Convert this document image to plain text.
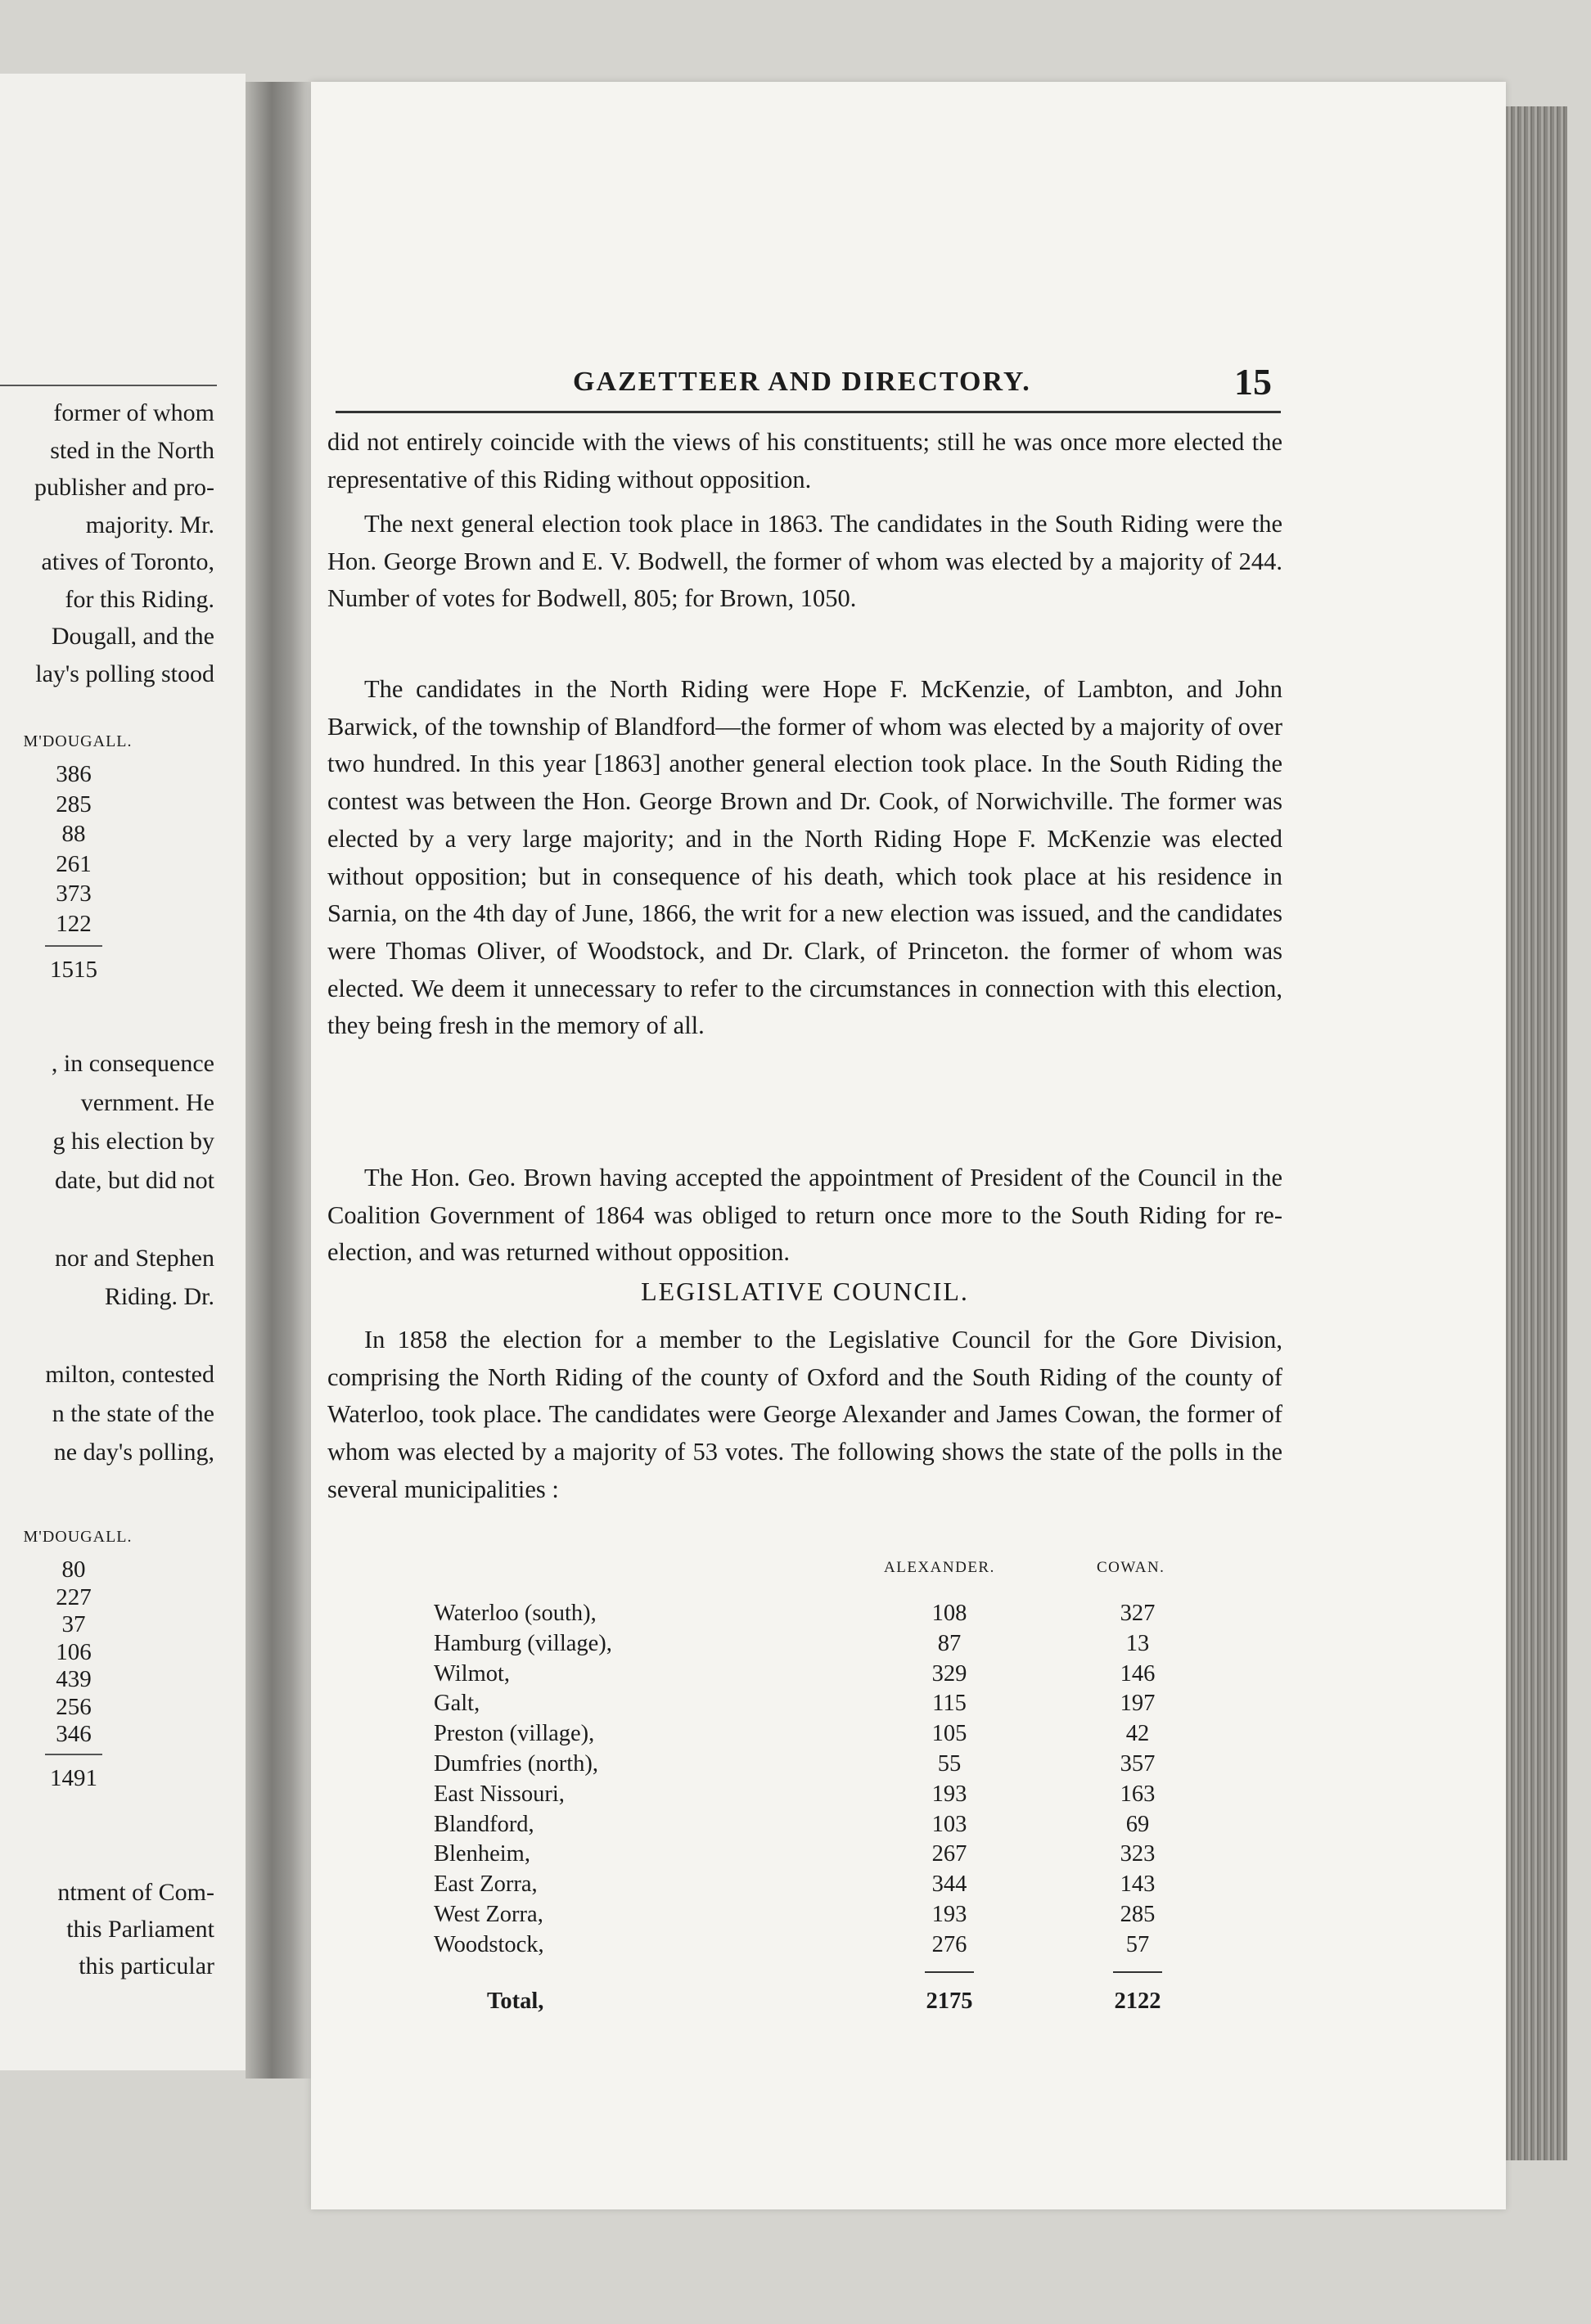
former of whom
sted in the North
publisher and pro-
majority. Mr.
atives of Toronto,
for this Riding.
Dougall, and the
lay's polling stood
M'DOUGALL.
386
285
88
261
373
122
1515
, in consequence
vernment. He
g his election by
date, but did not
nor and Stephen
Riding. Dr.
milton, contested
n the state of the
ne day's polling,
M'DOUGALL.
80
227
37
106
439
256
346
1491
ntment of Com-
this Parliament
this particular
GAZETTEER AND DIRECTORY.	15

did not entirely coincide with the views of his constituents; still he was once more elected the representative of this Riding without opposition.

The next general election took place in 1863. The candidates in the South Riding were the Hon. George Brown and E. V. Bodwell, the former of whom was elected by a majority of 244. Number of votes for Bodwell, 805; for Brown, 1050.

The candidates in the North Riding were Hope F. McKenzie, of Lambton, and John Barwick, of the township of Blandford—the former of whom was elected by a majority of over two hundred. In this year [1863] another general election took place. In the South Riding the contest was between the Hon. George Brown and Dr. Cook, of Norwichville. The former was elected by a very large majority; and in the North Riding Hope F. McKenzie was elected without opposition; but in consequence of his death, which took place at his residence in Sarnia, on the 4th day of June, 1866, the writ for a new election was issued, and the candidates were Thomas Oliver, of Woodstock, and Dr. Clark, of Princeton. the former of whom was elected. We deem it unnecessary to refer to the circumstances in connection with this election, they being fresh in the memory of all.

The Hon. Geo. Brown having accepted the appointment of President of the Council in the Coalition Government of 1864 was obliged to return once more to the South Riding for re-election, and was returned without opposition.

LEGISLATIVE COUNCIL.

In 1858 the election for a member to the Legislative Council for the Gore Division, comprising the North Riding of the county of Oxford and the South Riding of the county of Waterloo, took place. The candidates were George Alexander and James Cowan, the former of whom was elected by a majority of 53 votes. The following shows the state of the polls in the several municipalities :

ALEXANDER.	COWAN.
Waterloo (south),	108	327
Hamburg (village),	87	13
Wilmot,	329	146
Galt,	115	197
Preston (village),	105	42
Dumfries (north),	55	357
East Nissouri,	193	163
Blandford,	103	69
Blenheim,	267	323
East Zorra,	344	143
West Zorra,	193	285
Woodstock,	276	57
Total,	2175	2122
